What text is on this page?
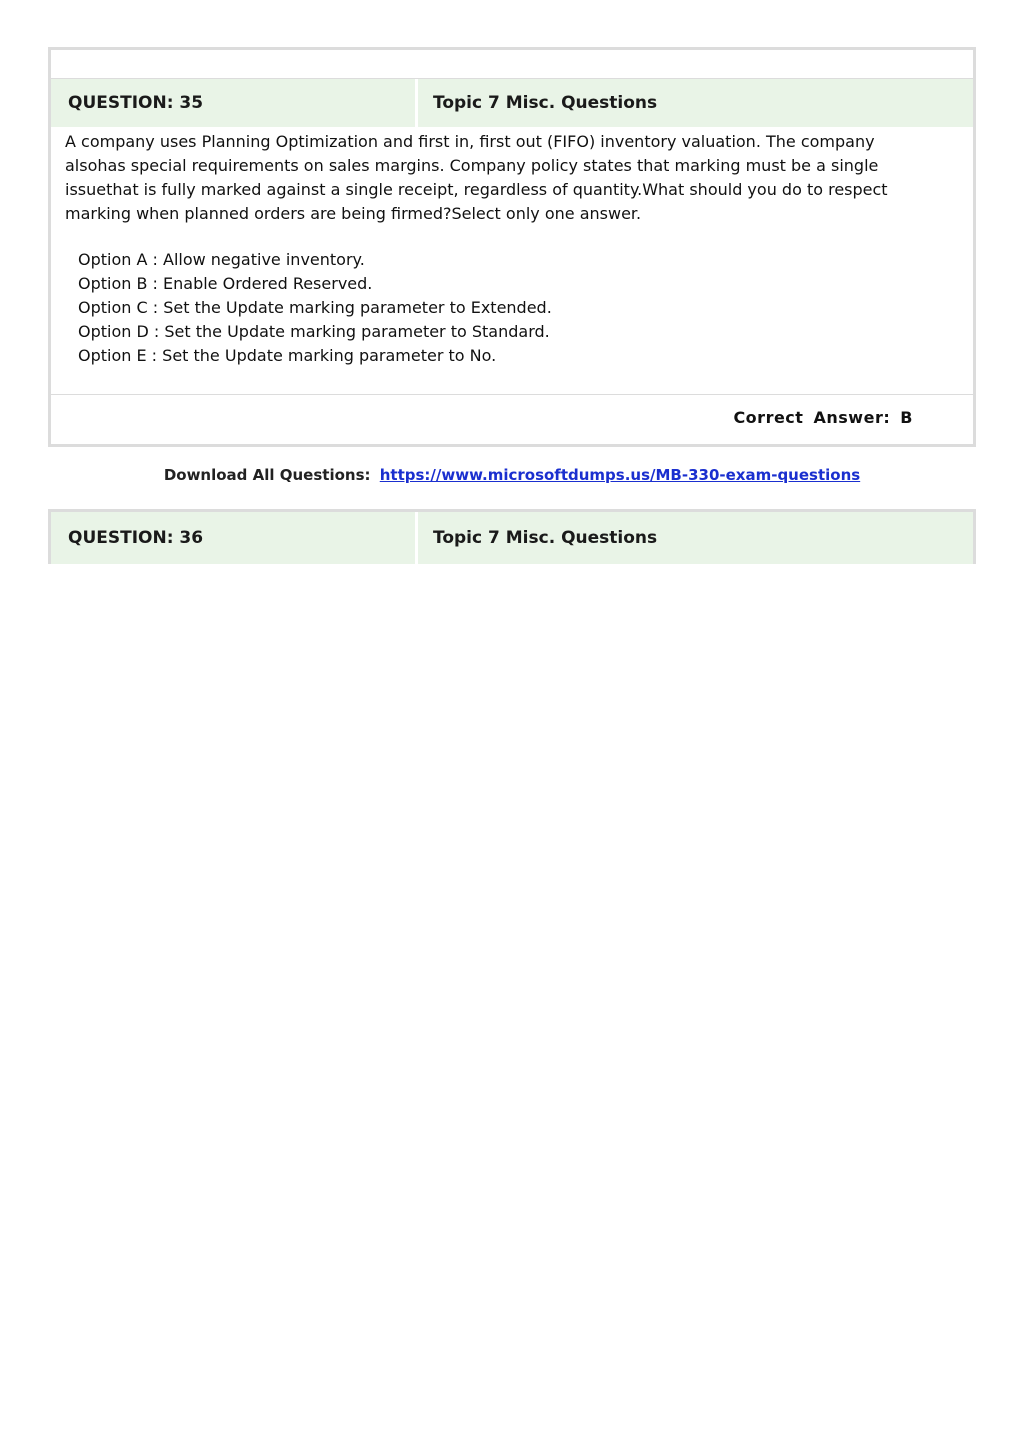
QUESTION: 35	Topic 7 Misc. Questions

A company uses Planning Optimization and first in, first out (FIFO) inventory valuation. The company alsohas special requirements on sales margins. Company policy states that marking must be a single issuethat is fully marked against a single receipt, regardless of quantity.What should you do to respect marking when planned orders are being firmed?Select only one answer.

Option A : Allow negative inventory.
Option B : Enable Ordered Reserved.
Option C : Set the Update marking parameter to Extended.
Option D : Set the Update marking parameter to Standard.
Option E : Set the Update marking parameter to No.
Correct Answer: B
Download All Questions: https://www.microsoftdumps.us/MB-330-exam-questions
QUESTION: 36	Topic 7 Misc. Questions
